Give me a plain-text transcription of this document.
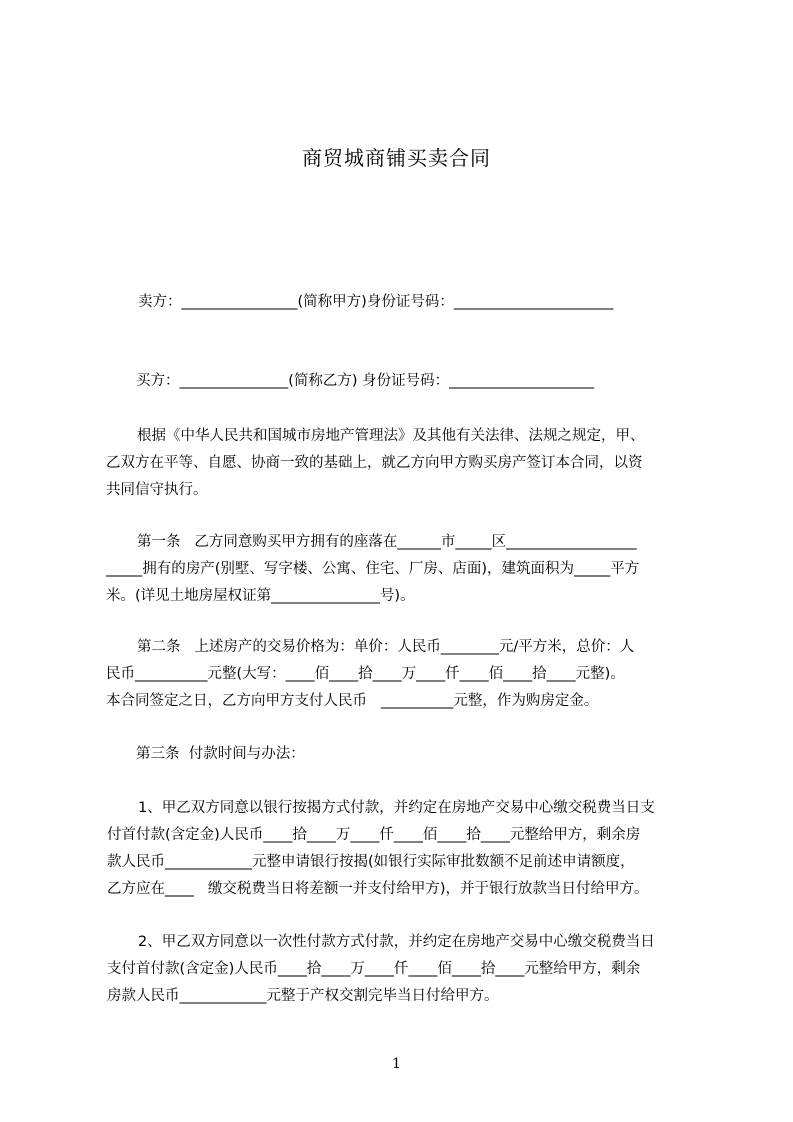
商贸城商铺买卖合同
卖方：________________(简称甲方)身份证号码：______________________
买方：_______________(简称乙方) 身份证号码：____________________
根据《中华人民共和国城市房地产管理法》及其他有关法律、法规之规定，甲、
乙双方在平等、自愿、协商一致的基础上，就乙方向甲方购买房产签订本合同，以资
共同信守执行。
第一条   乙方同意购买甲方拥有的座落在______市_____区__________________
_____拥有的房产(别墅、写字楼、公寓、住宅、厂房、店面)，建筑面积为_____平方
米。(详见土地房屋权证第_______________号)。
第二条   上述房产的交易价格为：单价：人民币________元/平方米，总价：人
民币__________元整(大写：____佰____拾____万____仟____佰____拾____元整)。
本合同签定之日，乙方向甲方支付人民币   __________元整，作为购房定金。
第三条  付款时间与办法：
1、甲乙双方同意以银行按揭方式付款，并约定在房地产交易中心缴交税费当日支
付首付款(含定金)人民币____拾____万____仟____佰____拾____元整给甲方，剩余房
款人民币____________元整申请银行按揭(如银行实际审批数额不足前述申请额度，
乙方应在____   缴交税费当日将差额一并支付给甲方)，并于银行放款当日付给甲方。
2、甲乙双方同意以一次性付款方式付款，并约定在房地产交易中心缴交税费当日
支付首付款(含定金)人民币____拾____万____仟____佰____拾____元整给甲方，剩余
房款人民币____________元整于产权交割完毕当日付给甲方。
1
